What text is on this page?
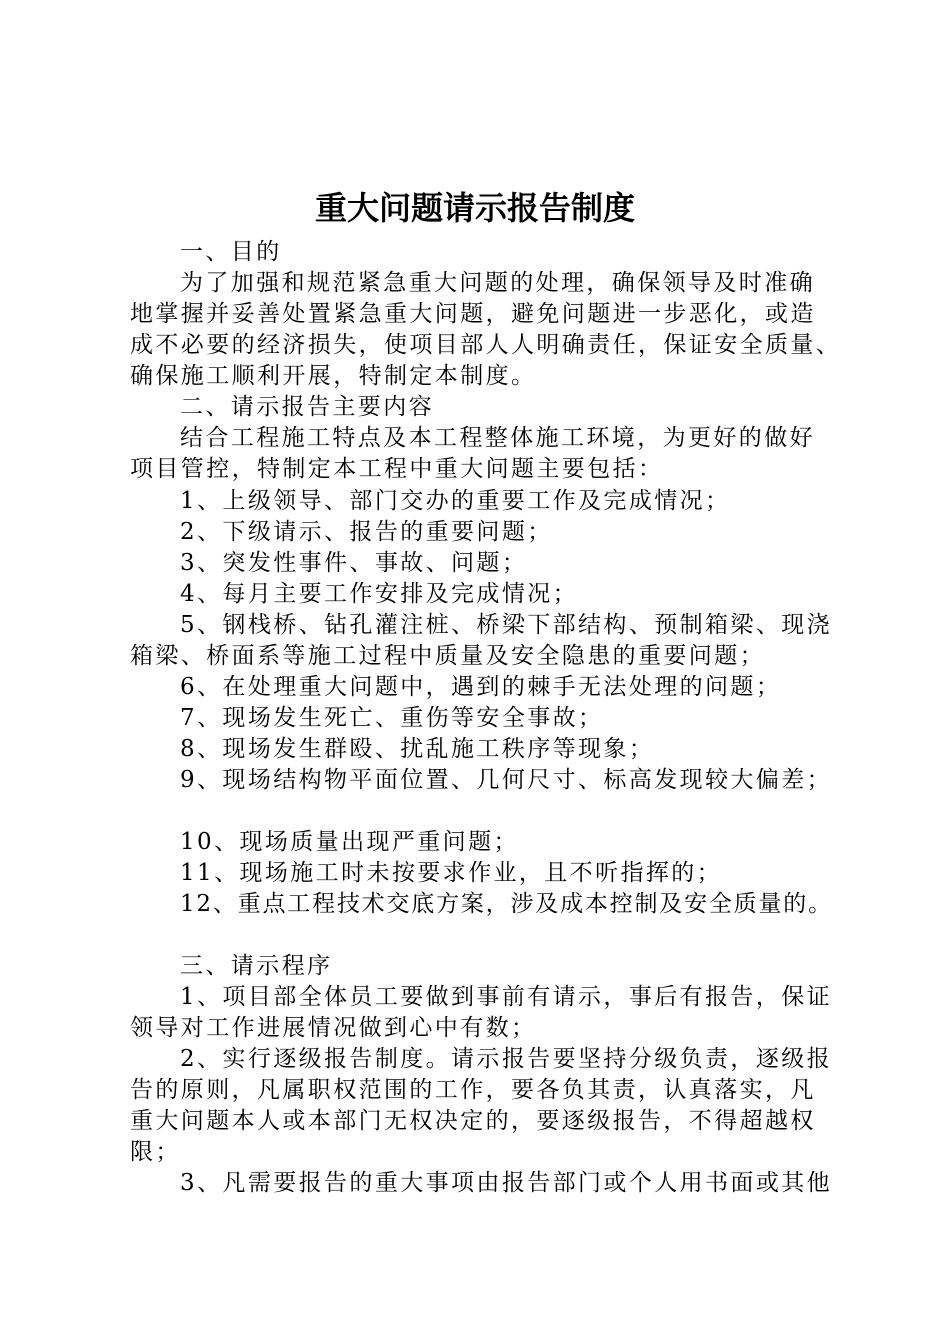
重大问题请示报告制度
一、目的
为了加强和规范紧急重大问题的处理，确保领导及时准确
地掌握并妥善处置紧急重大问题，避免问题进一步恶化，或造
成不必要的经济损失，使项目部人人明确责任，保证安全质量、
确保施工顺利开展，特制定本制度。
二、请示报告主要内容
结合工程施工特点及本工程整体施工环境，为更好的做好
项目管控，特制定本工程中重大问题主要包括：
1、上级领导、部门交办的重要工作及完成情况；
2、下级请示、报告的重要问题；
3、突发性事件、事故、问题；
4、每月主要工作安排及完成情况；
5、钢栈桥、钻孔灌注桩、桥梁下部结构、预制箱梁、现浇
箱梁、桥面系等施工过程中质量及安全隐患的重要问题；
6、在处理重大问题中，遇到的棘手无法处理的问题；
7、现场发生死亡、重伤等安全事故；
8、现场发生群殴、扰乱施工秩序等现象；
9、现场结构物平面位置、几何尺寸、标高发现较大偏差；
10、现场质量出现严重问题；
11、现场施工时未按要求作业，且不听指挥的；
12、重点工程技术交底方案，涉及成本控制及安全质量的。
三、请示程序
1、项目部全体员工要做到事前有请示，事后有报告，保证
领导对工作进展情况做到心中有数；
2、实行逐级报告制度。请示报告要坚持分级负责，逐级报
告的原则，凡属职权范围的工作，要各负其责，认真落实，凡
重大问题本人或本部门无权决定的，要逐级报告，不得超越权
限；
3、凡需要报告的重大事项由报告部门或个人用书面或其他
